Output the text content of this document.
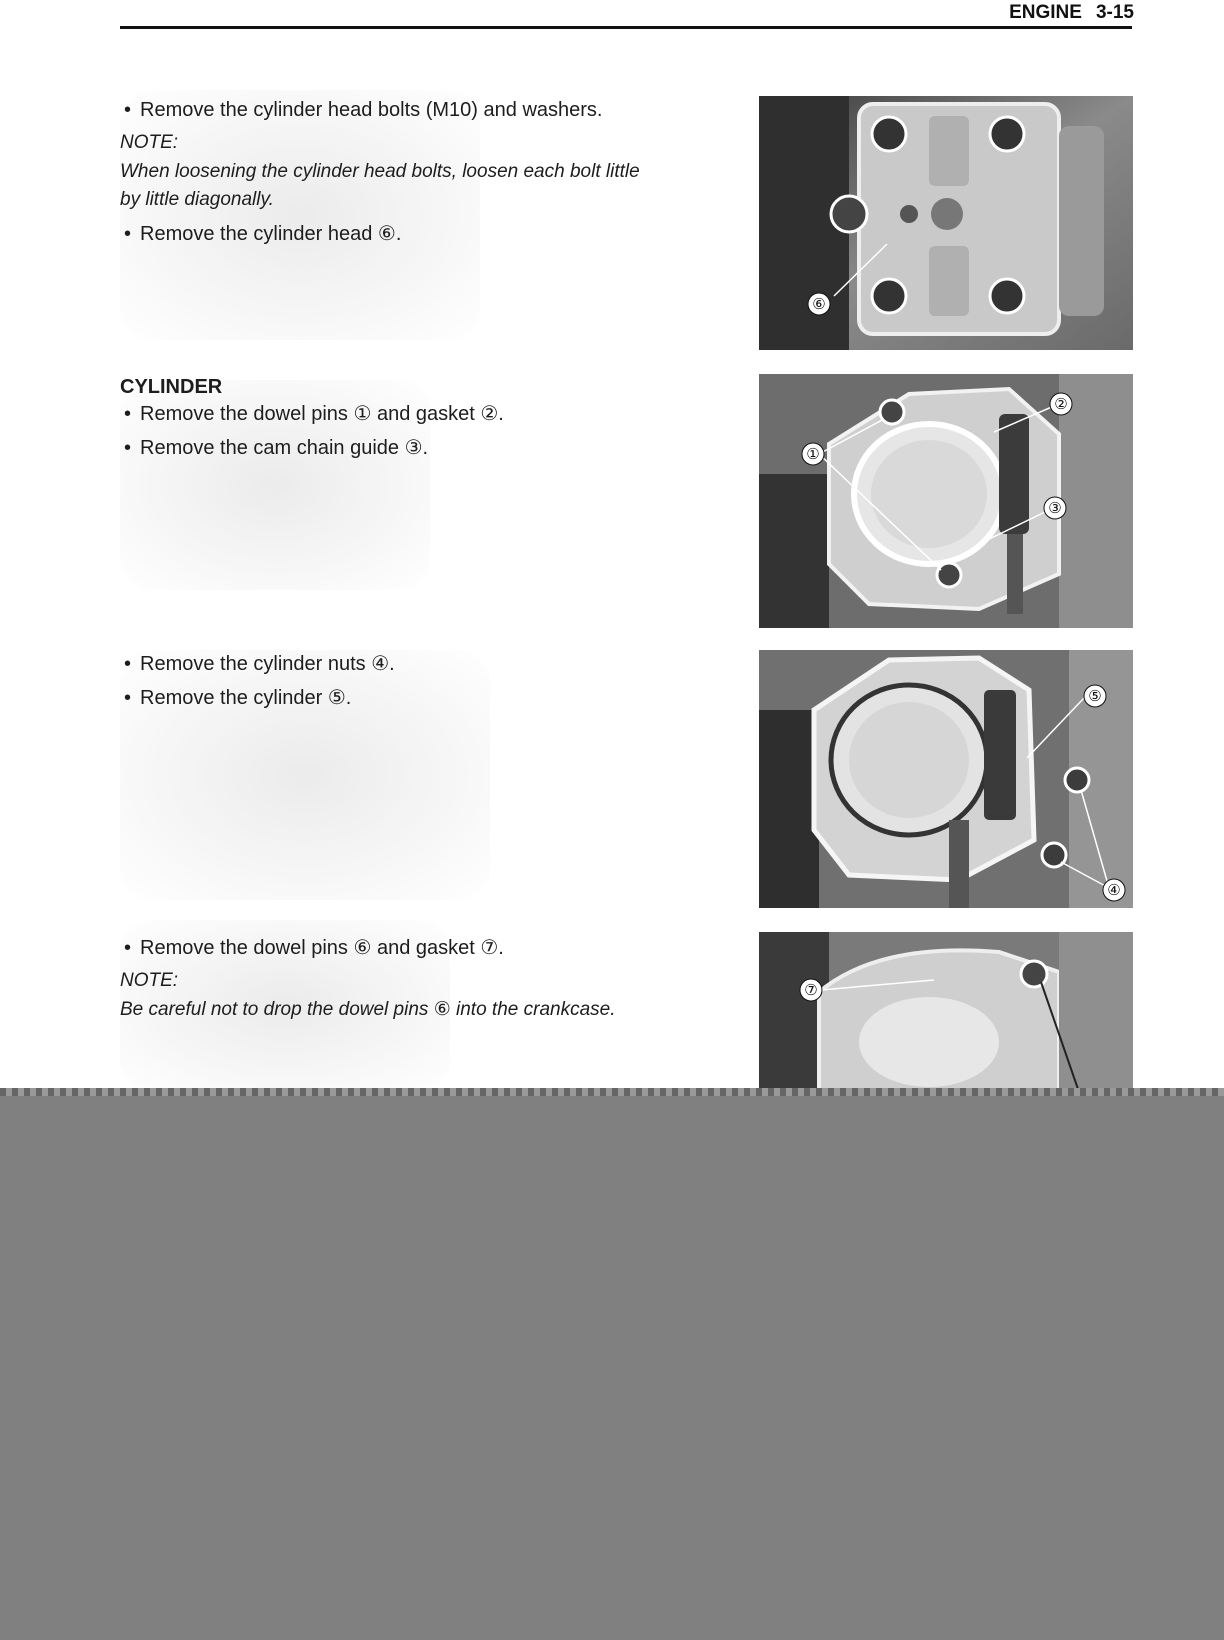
ENGINE 3-15
• Remove the cylinder head bolts (M10) and washers.
NOTE:
When loosening the cylinder head bolts, loosen each bolt little
by little diagonally.
• Remove the cylinder head ⑥.
CYLINDER
• Remove the dowel pins ① and gasket ②.
• Remove the cam chain guide ③.
• Remove the cylinder nuts ④.
• Remove the cylinder ⑤.
• Remove the dowel pins ⑥ and gasket ⑦.
NOTE:
Be careful not to drop the dowel pins ⑥ into the crankcase.
⑥
①
②
③
⑤
④
⑦
